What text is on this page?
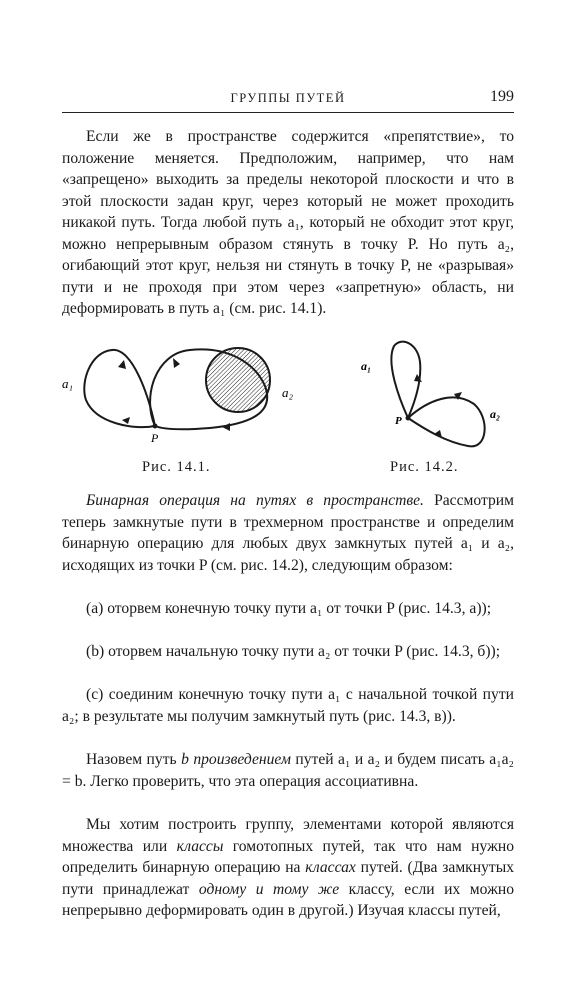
ГРУППЫ ПУТЕЙ	199

Если же в пространстве содержится «препятствие», то положение меняется. Предположим, например, что нам «запрещено» выходить за пределы некоторой плоскости и что в этой плоскости задан круг, через который не может проходить никакой путь. Тогда любой путь a₁, который не обходит этот круг, можно непрерывным образом стянуть в точку P. Но путь a₂, огибающий этот круг, нельзя ни стянуть в точку P, не «разрывая» пути и не проходя при этом через «запретную» область, ни деформировать в путь a₁ (см. рис. 14.1).

a₁
a₂
P
Рис. 14.1.
a₁
a₂
P
Рис. 14.2.

Бинарная операция на путях в пространстве. Рассмотрим теперь замкнутые пути в трехмерном пространстве и определим бинарную операцию для любых двух замкнутых путей a₁ и a₂, исходящих из точки P (см. рис. 14.2), следующим образом:

(a) оторвем конечную точку пути a₁ от точки P (рис. 14.3, a));

(b) оторвем начальную точку пути a₂ от точки P (рис. 14.3, б));

(c) соединим конечную точку пути a₁ с начальной точкой пути a₂; в результате мы получим замкнутый путь (рис. 14.3, в)).

Назовем путь b произведением путей a₁ и a₂ и будем писать a₁a₂ = b. Легко проверить, что эта операция ассоциативна.

Мы хотим построить группу, элементами которой являются множества или классы гомотопных путей, так что нам нужно определить бинарную операцию на классах путей. (Два замкнутых пути принадлежат одному и тому же классу, если их можно непрерывно деформировать один в другой.) Изучая классы путей,
